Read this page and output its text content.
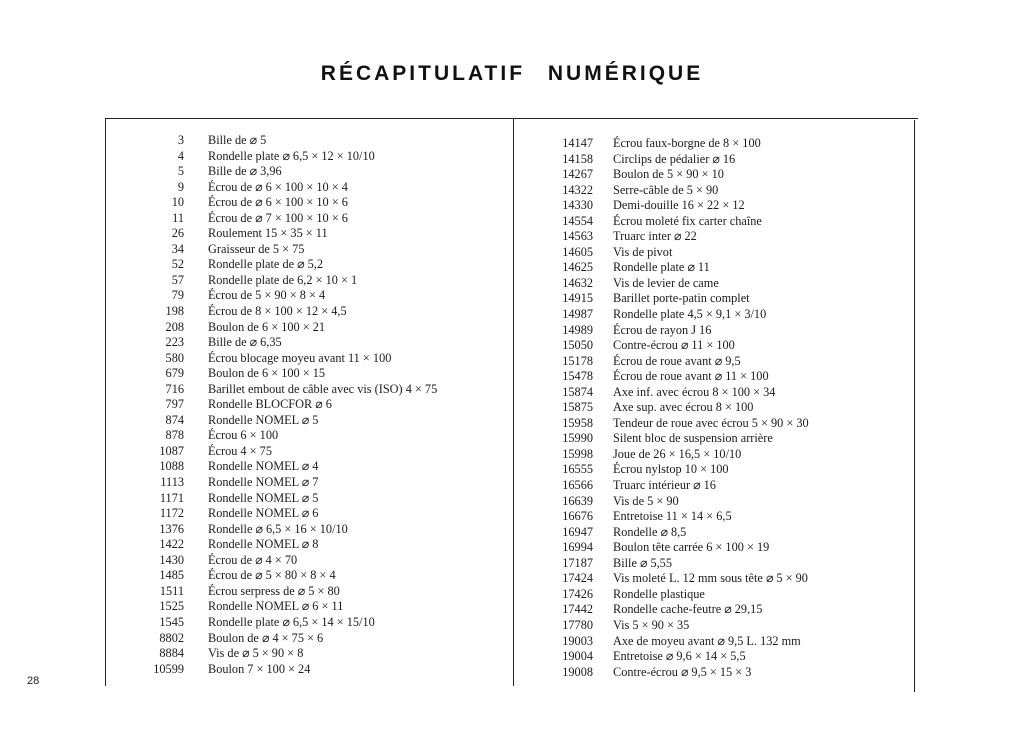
RÉCAPITULATIF NUMÉRIQUE
3 Bille de ⌀ 5
4 Rondelle plate ⌀ 6,5 × 12 × 10/10
5 Bille de ⌀ 3,96
9 Écrou de ⌀ 6 × 100 × 10 × 4
10 Écrou de ⌀ 6 × 100 × 10 × 6
11 Écrou de ⌀ 7 × 100 × 10 × 6
26 Roulement 15 × 35 × 11
34 Graisseur de 5 × 75
52 Rondelle plate de ⌀ 5,2
57 Rondelle plate de 6,2 × 10 × 1
79 Écrou de 5 × 90 × 8 × 4
198 Écrou de 8 × 100 × 12 × 4,5
208 Boulon de 6 × 100 × 21
223 Bille de ⌀ 6,35
580 Écrou blocage moyeu avant 11 × 100
679 Boulon de 6 × 100 × 15
716 Barillet embout de câble avec vis (ISO) 4 × 75
797 Rondelle BLOCFOR ⌀ 6
874 Rondelle NOMEL ⌀ 5
878 Écrou 6 × 100
1087 Écrou 4 × 75
1088 Rondelle NOMEL ⌀ 4
1113 Rondelle NOMEL ⌀ 7
1171 Rondelle NOMEL ⌀ 5
1172 Rondelle NOMEL ⌀ 6
1376 Rondelle ⌀ 6,5 × 16 × 10/10
1422 Rondelle NOMEL ⌀ 8
1430 Écrou de ⌀ 4 × 70
1485 Écrou de ⌀ 5 × 80 × 8 × 4
1511 Écrou serpress de ⌀ 5 × 80
1525 Rondelle NOMEL ⌀ 6 × 11
1545 Rondelle plate ⌀ 6,5 × 14 × 15/10
8802 Boulon de ⌀ 4 × 75 × 6
8884 Vis de ⌀ 5 × 90 × 8
10599 Boulon 7 × 100 × 24
14147 Écrou faux-borgne de 8 × 100
14158 Circlips de pédalier ⌀ 16
14267 Boulon de 5 × 90 × 10
14322 Serre-câble de 5 × 90
14330 Demi-douille 16 × 22 × 12
14554 Écrou moleté fix carter chaîne
14563 Truarc inter ⌀ 22
14605 Vis de pivot
14625 Rondelle plate ⌀ 11
14632 Vis de levier de came
14915 Barillet porte-patin complet
14987 Rondelle plate 4,5 × 9,1 × 3/10
14989 Écrou de rayon J 16
15050 Contre-écrou ⌀ 11 × 100
15178 Écrou de roue avant ⌀ 9,5
15478 Écrou de roue avant ⌀ 11 × 100
15874 Axe inf. avec écrou 8 × 100 × 34
15875 Axe sup. avec écrou 8 × 100
15958 Tendeur de roue avec écrou 5 × 90 × 30
15990 Silent bloc de suspension arrière
15998 Joue de 26 × 16,5 × 10/10
16555 Écrou nylstop 10 × 100
16566 Truarc intérieur ⌀ 16
16639 Vis de 5 × 90
16676 Entretoise 11 × 14 × 6,5
16947 Rondelle ⌀ 8,5
16994 Boulon tête carrée 6 × 100 × 19
17187 Bille ⌀ 5,55
17424 Vis moleté L. 12 mm sous tête ⌀ 5 × 90
17426 Rondelle plastique
17442 Rondelle cache-feutre ⌀ 29,15
17780 Vis 5 × 90 × 35
19003 Axe de moyeu avant ⌀ 9,5 L. 132 mm
19004 Entretoise ⌀ 9,6 × 14 × 5,5
19008 Contre-écrou ⌀ 9,5 × 15 × 3
28
